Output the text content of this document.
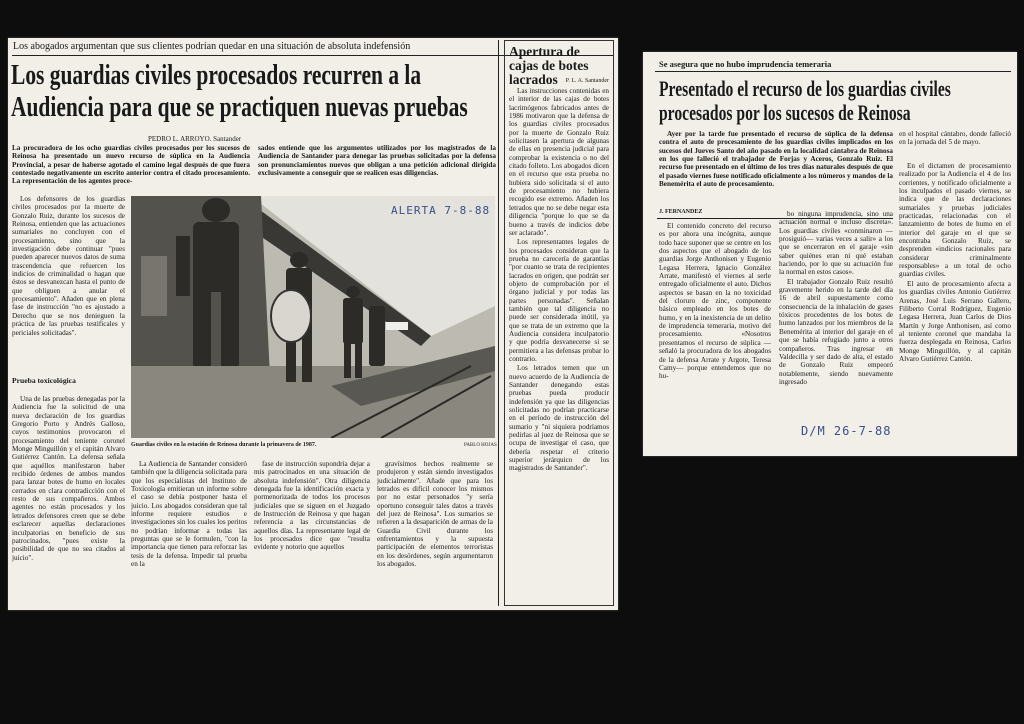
Los abogados argumentan que sus clientes podrían quedar en una situación de absoluta indefensión
Los guardias civiles procesados recurren a la
Audiencia para que se practiquen nuevas pruebas
PEDRO L. ARROYO. Santander
La procuradora de los ocho guardias civiles procesados por los sucesos de Reinosa ha presentado un nuevo recurso de súplica en la Audiencia Provincial, a pesar de haberse agotado el camino legal después de que fuera contestado negativamente un escrito anterior contra el citado procesamiento. La representación de los agentes proce-
sados entiende que los argumentos utilizados por los magistrados de la Audiencia de Santander para denegar las pruebas solicitadas por la defensa son pronunciamientos nuevos que obligan a una petición adicional dirigida exclusivamente a conseguir que se realicen esas diligencias.

Los defensores de los guardias civiles procesados por la muerte de Gonzalo Ruiz, durante los sucesos de Reinosa, entienden que las actuaciones sumariales no concluyen con el procesamiento, sino que la investigación debe continuar "pues pueden aparecer nuevos datos de suma trascendencia que refuercen los indicios de criminalidad o hagan que éstos se desvanezcan hasta el punto de que obliguen a anular el procesamiento". Añaden que en plena fase de instrucción "no es ajustado a Derecho que se nos denieguen la práctica de las pruebas testificales y periciales solicitadas".

Prueba toxicológica

Una de las pruebas denegadas por la Audiencia fue la solicitud de una nueva declaración de los guardias Gregorio Porto y Andrés Galloso, cuyos testimonios provocaron el procesamiento del teniente coronel Monge Minguillón y el capitán Alvaro Gutiérrez Cantón. La defensa señala que aquéllos manifestaron haber recibido órdenes de ambos mandos para lanzar botes de humo en locales cerrados en clara contradicción con el resto de sus compañeros. Ambos agentes no están procesados y los letrados defensores creen que se debe esclarecer aquellas declaraciones inculpatorias en beneficio de sus patrocinados, "pues existe la posibilidad de que no sea citados al juicio".

ALERTA 7-8-88
Guardias civiles en la estación de Reinosa durante la primavera de 1987.	PABLO HOJAS

La Audiencia de Santander consideró también que la diligencia solicitada para que los especialistas del Instituto de Toxicología emitieran un informe sobre el caso se debía postponer hasta el juicio. Los abogados consideran que tal informe requiere estudios e investigaciones sin los cuales los peritos no podrían informar a todas las preguntas que se le formulen, "con la importancia que tienen para reforzar las tesis de la defensa. Impedir tal prueba en la

fase de instrucción supondría dejar a mis patrocinados en una situación de absoluta indefensión". Otra diligencia denegada fue la identificación exacta y pormenorizada de todos los procesos judiciales que se siguen en el Juzgado de Instrucción de Reinosa y que hagan referencia a las circunstancias de aquellos días. La representante legal de los procesados dice que "resulta evidente y notorio que aquellos

gravísimos hechos realmente se produjeron y están siendo investigados judicialmente". Añade que para los letrados es difícil conocer los mismos por no estar personados "y sería oportuno conseguir tales datos a través del juez de Reinosa". Los sumarios se refieren a la desaparición de armas de la Guardia Civil durante los enfrentamientos y la supuesta participación de elementos terroristas en los desórdenes, según argumentaron los abogados.

Apertura de cajas de botes lacrados	P. L. A. Santander

Las instrucciones contenidas en el interior de las cajas de botes lacrimógenos fabricados antes de 1986 motivaron que la defensa de los guardias civiles procesados por la muerte de Gonzalo Ruiz solicitasen la apertura de algunas de ellas en presencia judicial para comprobar la existencia o no del citado folleto. Los abogados dicen en el recurso que esta prueba no hubiera sido solicitada si el auto de procesamiento no hubiera recogido ese extremo. Añaden los letrados que no se debe negar esta diligencia "porque lo que se da bueno a través de indicios debe ser aclarado".

Los representantes legales de los procesados consideran que la prueba no carecería de garantías "por cuanto se trata de recipientes lacrados en origen, que podrán ser objeto de comprobación por el órgano judicial y por todas las partes personadas". Señalan también que tal diligencia no puede ser considerada inútil, ya que se trata de un extremo que la Audiencia considera inculpatorio y que podría desvanecerse si se permitiera a las defensas probar lo contrario.

Los letrados temen que un nuevo acuerdo de la Audiencia de Santander denegando estas pruebas pueda producir indefensión ya que las diligencias solicitadas no podrían practicarse en el período de instrucción del sumario y "ni siquiera podríamos pedirlas al juez de Reinosa que se ocupa de investigar el caso, que debería respetar el criterio superior jerárquico de los magistrados de Santander".

Se asegura que no hubo imprudencia temeraria
Presentado el recurso de los guardias civiles
procesados por los sucesos de Reinosa

Ayer por la tarde fue presentado el recurso de súplica de la defensa contra el auto de procesamiento de los guardias civiles implicados en los sucesos del Jueves Santo del año pasado en la localidad cántabra de Reinosa en los que falleció el trabajador de Forjas y Aceros, Gonzalo Ruiz. El recurso fue presentado en el último de los tres días naturales después de que el pasado viernes fuese notificado oficialmente a los números y mandos de la Benemérita el auto de procesamiento.

en el hospital cántabro, donde falleció en la jornada del 5 de mayo.
J. FERNANDEZ

El contenido concreto del recurso es por ahora una incógnita, aunque todo hace suponer que se centre en los dos aspectos que el abogado de los guardias Jorge Anthonisen y Eugenio Legasa Herrera, Ignacio González Arrate, manifestó el viernes al serle entregado oficialmente el auto. Dichos aspectos se basan en la no toxicidad del cloruro de zinc, componente básico empleado en los botes de humo, y en la inexistencia de un delito de imprudencia temeraria, motivo del procesamiento. «Nosotros presentamos el recurso de súplica —señaló la procuradora de los abogados de la defensa Arrate y Argote, Teresa Camy— porque entendemos que no hu-

bo ninguna imprudencia, sino una actuación normal e incluso discreta». Los guardias civiles «conminaron —prosiguió— varias veces a salir» a los que se encerraron en el garaje «sin saber quiénes eran ni qué estaban haciendo, por lo que su actuación fue la normal en estos casos».

El trabajador Gonzalo Ruiz resultó gravemente herido en la tarde del día 16 de abril supuestamente como consecuencia de la inhalación de gases tóxicos procedentes de los botes de humo lanzados por los miembros de la Benemérita al interior del garaje en el que se había refugiado junto a otros compañeros. Tras ingresar en Valdecilla y ser dado de alta, el estado de Gonzalo Ruiz empeoró notablemente, siendo nuevamente ingresado

En el dictamen de procesamiento realizado por la Audiencia el 4 de los corrientes, y notificado oficialmente a los inculpados el pasado viernes, se indica que de las declaraciones sumariales y pruebas judiciales practicadas, relacionadas con el lanzamiento de botes de humo en el interior del garaje en el que se encontraba Gonzalo Ruiz, se desprenden «indicios racionales para considerar criminalmente responsables» a un total de ocho guardias civiles.

El auto de procesamiento afecta a los guardias civiles Antonio Gutiérrez Arenas, José Luis Serrano Gallero, Filiberto Corral Rodríguez, Eugenio Legasa Herrera, Juan Carlos de Dios Martín y Jorge Anthonisen, así como al teniente coronel que mandaba la fuerza desplegada en Reinosa, Carlos Monge Minguillón, y al capitán Alvaro Gutiérrez Cantón.

D/M 26-7-88
